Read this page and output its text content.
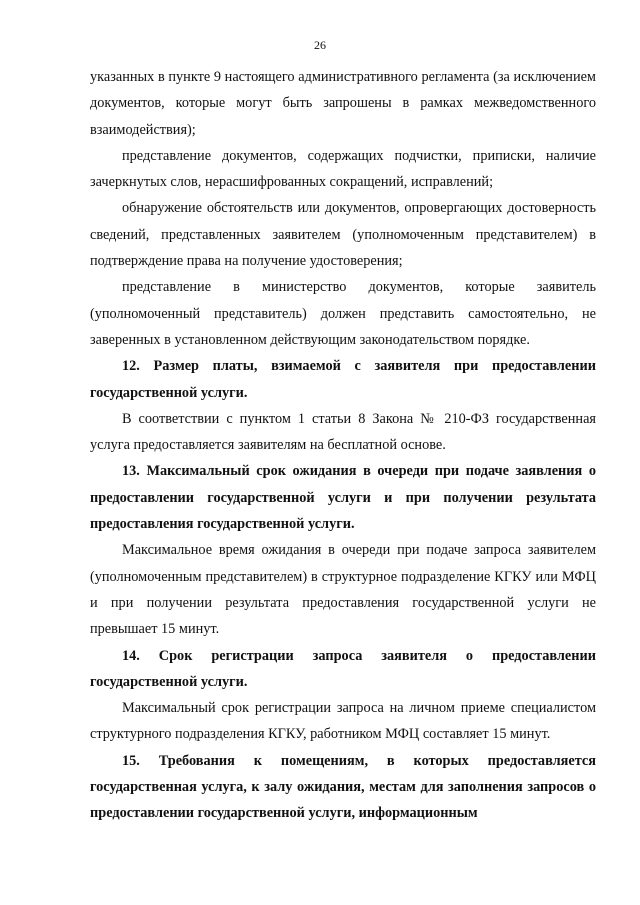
26

указанных в пункте 9 настоящего административного регламента (за исключением документов, которые могут быть запрошены в рамках межведомственного взаимодействия);

представление документов, содержащих подчистки, приписки, наличие зачеркнутых слов, нерасшифрованных сокращений, исправлений;

обнаружение обстоятельств или документов, опровергающих достоверность сведений, представленных заявителем (уполномоченным представителем) в подтверждение права на получение удостоверения;

представление в министерство документов, которые заявитель (уполномоченный представитель) должен представить самостоятельно, не заверенных в установленном действующим законодательством порядке.

12. Размер платы, взимаемой с заявителя при предоставлении государственной услуги.

В соответствии с пунктом 1 статьи 8 Закона № 210-ФЗ государственная услуга предоставляется заявителям на бесплатной основе.

13. Максимальный срок ожидания в очереди при подаче заявления о предоставлении государственной услуги и при получении результата предоставления государственной услуги.

Максимальное время ожидания в очереди при подаче запроса заявителем (уполномоченным представителем) в структурное подразделение КГКУ или МФЦ и при получении результата предоставления государственной услуги не превышает 15 минут.

14. Срок регистрации запроса заявителя о предоставлении государственной услуги.

Максимальный срок регистрации запроса на личном приеме специалистом структурного подразделения КГКУ, работником МФЦ составляет 15 минут.

15. Требования к помещениям, в которых предоставляется государственная услуга, к залу ожидания, местам для заполнения запросов о предоставлении государственной услуги, информационным
